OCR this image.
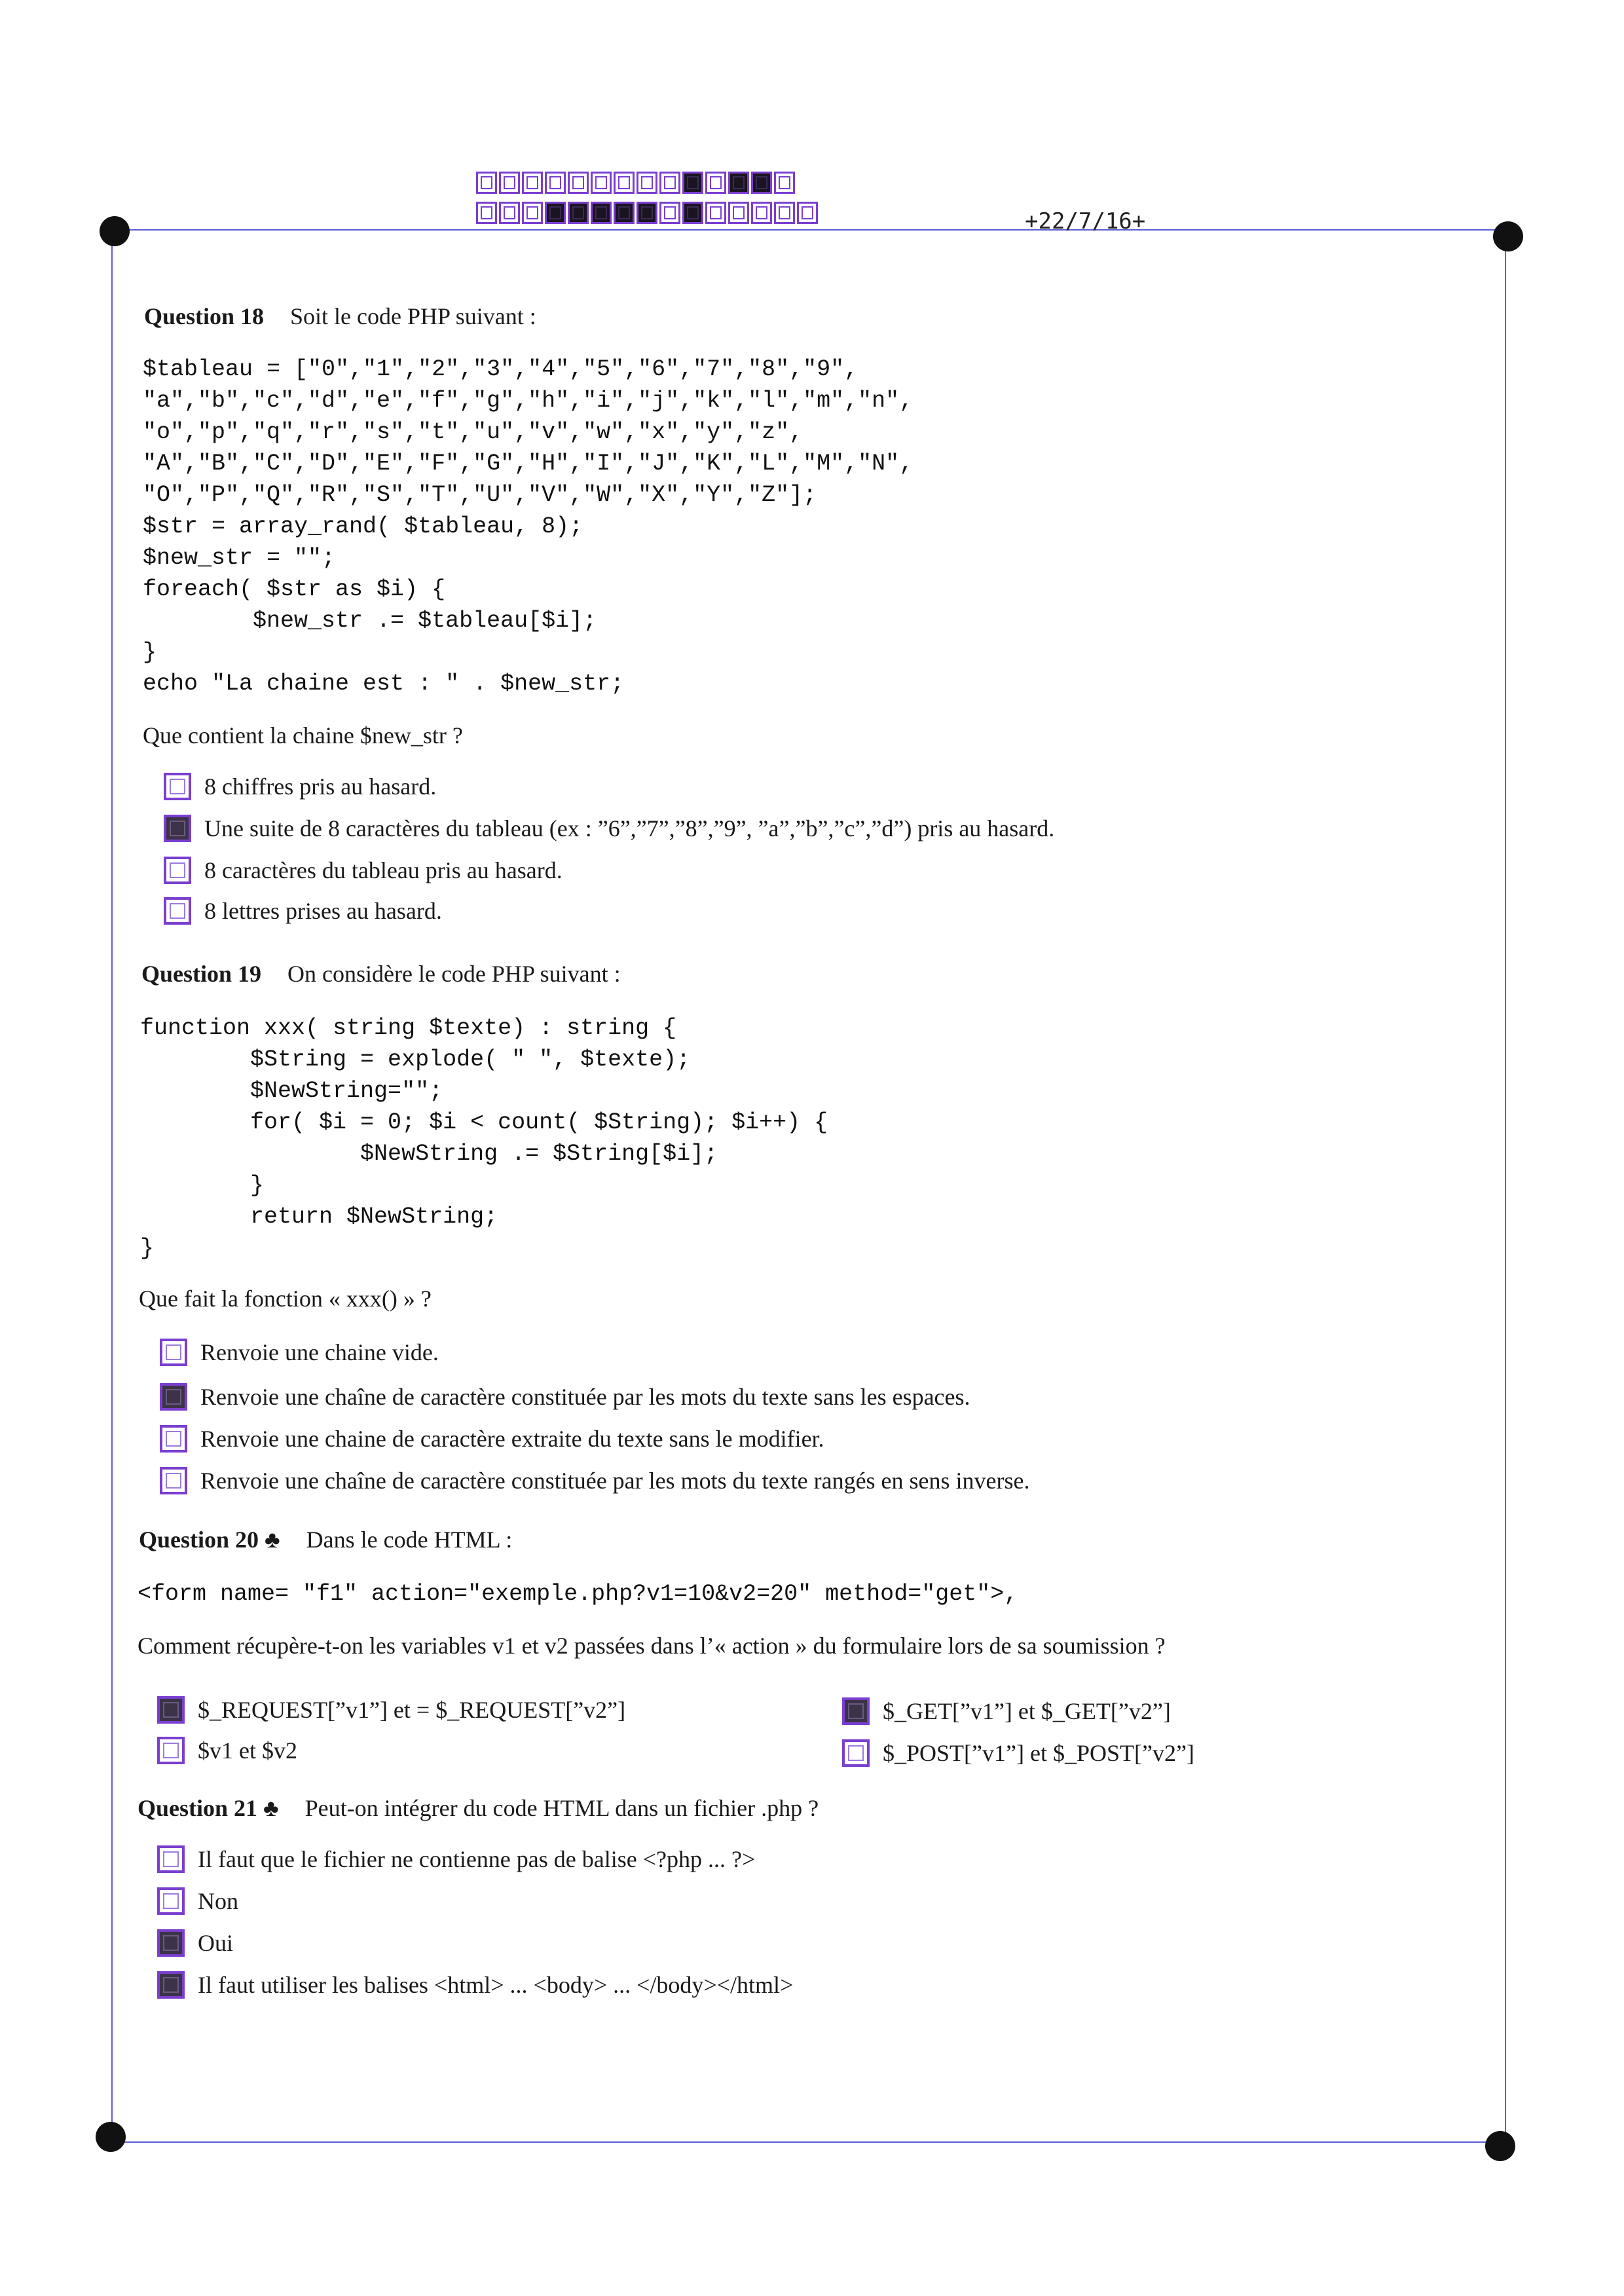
+22/7/16+
Question 18 Soit le code PHP suivant :
$tableau = ["0","1","2","3","4","5","6","7","8","9",
"a","b","c","d","e","f","g","h","i","j","k","l","m","n",
"o","p","q","r","s","t","u","v","w","x","y","z",
"A","B","C","D","E","F","G","H","I","J","K","L","M","N",
"O","P","Q","R","S","T","U","V","W","X","Y","Z"];
$str = array_rand( $tableau, 8);
$new_str = "";
foreach( $str as $i) {
$new_str .= $tableau[$i];
}
echo "La chaine est : " . $new_str;
Que contient la chaine $new_str ?
8 chiffres pris au hasard.
Une suite de 8 caractères du tableau (ex : ”6”,”7”,”8”,”9”, ”a”,”b”,”c”,”d”) pris au hasard.
8 caractères du tableau pris au hasard.
8 lettres prises au hasard.
Question 19 On considère le code PHP suivant :
function xxx( string $texte) : string {
$String = explode( " ", $texte);
$NewString="";
for( $i = 0; $i < count( $String); $i++) {
$NewString .= $String[$i];
}
return $NewString;
}
Que fait la fonction « xxx() » ?
Renvoie une chaine vide.
Renvoie une chaîne de caractère constituée par les mots du texte sans les espaces.
Renvoie une chaine de caractère extraite du texte sans le modifier.
Renvoie une chaîne de caractère constituée par les mots du texte rangés en sens inverse.
Question 20 ♣ Dans le code HTML :
<form name= "f1" action="exemple.php?v1=10&v2=20" method="get">,
Comment récupère-t-on les variables v1 et v2 passées dans l’« action » du formulaire lors de sa soumission ?
$_REQUEST[”v1”] et = $_REQUEST[”v2”]	$_GET[”v1”] et $_GET[”v2”]
$v1 et $v2	$_POST[”v1”] et $_POST[”v2”]
Question 21 ♣ Peut-on intégrer du code HTML dans un fichier .php ?
Il faut que le fichier ne contienne pas de balise <?php ... ?>
Non
Oui
Il faut utiliser les balises <html> ... <body> ... </body></html>
